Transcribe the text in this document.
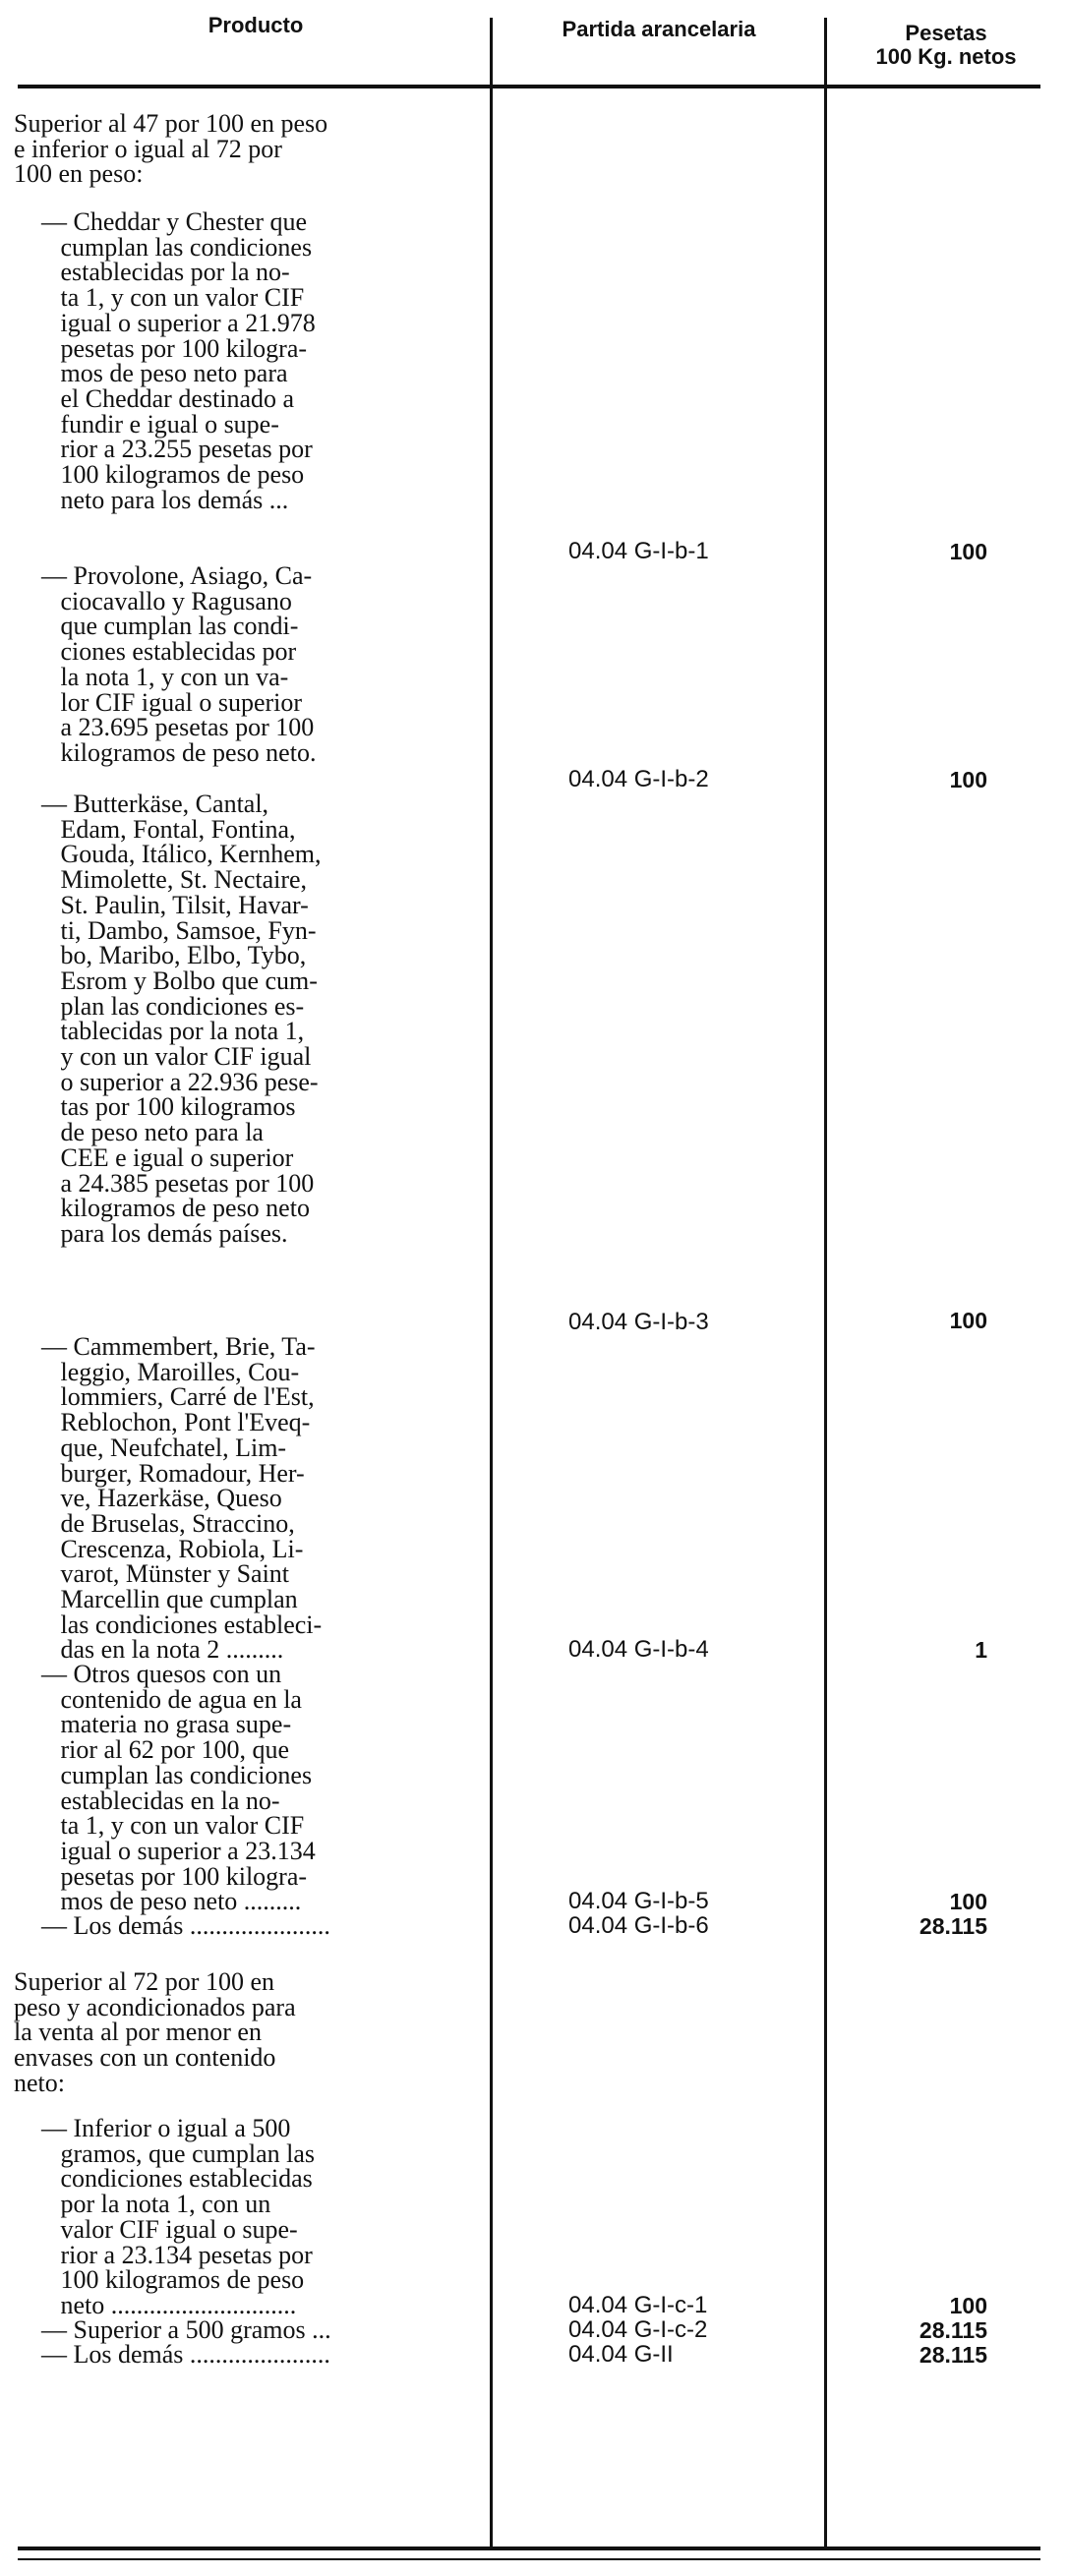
Producto	Partida arancelaria	Pesetas
100 Kg. netos
Superior al 47 por 100 en peso
e inferior o igual al 72 por
100 en peso:
— Cheddar y Chester que
cumplan las condiciones
establecidas por la no-
ta 1, y con un valor CIF
igual o superior a 21.978
pesetas por 100 kilogra-
mos de peso neto para
el Cheddar destinado a
fundir e igual o supe-
rior a 23.255 pesetas por
100 kilogramos de peso
neto para los demás ...
04.04 G-I-b-1	100
— Provolone, Asiago, Ca-
ciocavallo y Ragusano
que cumplan las condi-
ciones establecidas por
la nota 1, y con un va-
lor CIF igual o superior
a 23.695 pesetas por 100
kilogramos de peso neto.
04.04 G-I-b-2	100
— Butterkäse, Cantal,
Edam, Fontal, Fontina,
Gouda, Itálico, Kernhem,
Mimolette, St. Nectaire,
St. Paulin, Tilsit, Havar-
ti, Dambo, Samsoe, Fyn-
bo, Maribo, Elbo, Tybo,
Esrom y Bolbo que cum-
plan las condiciones es-
tablecidas por la nota 1,
y con un valor CIF igual
o superior a 22.936 pese-
tas por 100 kilogramos
de peso neto para la
CEE e igual o superior
a 24.385 pesetas por 100
kilogramos de peso neto
para los demás países.
04.04 G-I-b-3	100
— Cammembert, Brie, Ta-
leggio, Maroilles, Cou-
lommiers, Carré de l'Est,
Reblochon, Pont l'Eveq-
que, Neufchatel, Lim-
burger, Romadour, Her-
ve, Hazerkäse, Queso
de Bruselas, Straccino,
Crescenza, Robiola, Li-
varot, Münster y Saint
Marcellin que cumplan
las condiciones estableci-
das en la nota 2 .........	04.04 G-I-b-4	1
— Otros quesos con un
contenido de agua en la
materia no grasa supe-
rior al 62 por 100, que
cumplan las condiciones
establecidas en la no-
ta 1, y con un valor CIF
igual o superior a 23.134
pesetas por 100 kilogra-
mos de peso neto .........	04.04 G-I-b-5	100
— Los demás ......................	04.04 G-I-b-6	28.115
Superior al 72 por 100 en
peso y acondicionados para
la venta al por menor en
envases con un contenido
neto:
— Inferior o igual a 500
gramos, que cumplan las
condiciones establecidas
por la nota 1, con un
valor CIF igual o supe-
rior a 23.134 pesetas por
100 kilogramos de peso
neto .............................	04.04 G-I-c-1	100
— Superior a 500 gramos ...	04.04 G-I-c-2	28.115
— Los demás ......................	04.04 G-II	28.115
